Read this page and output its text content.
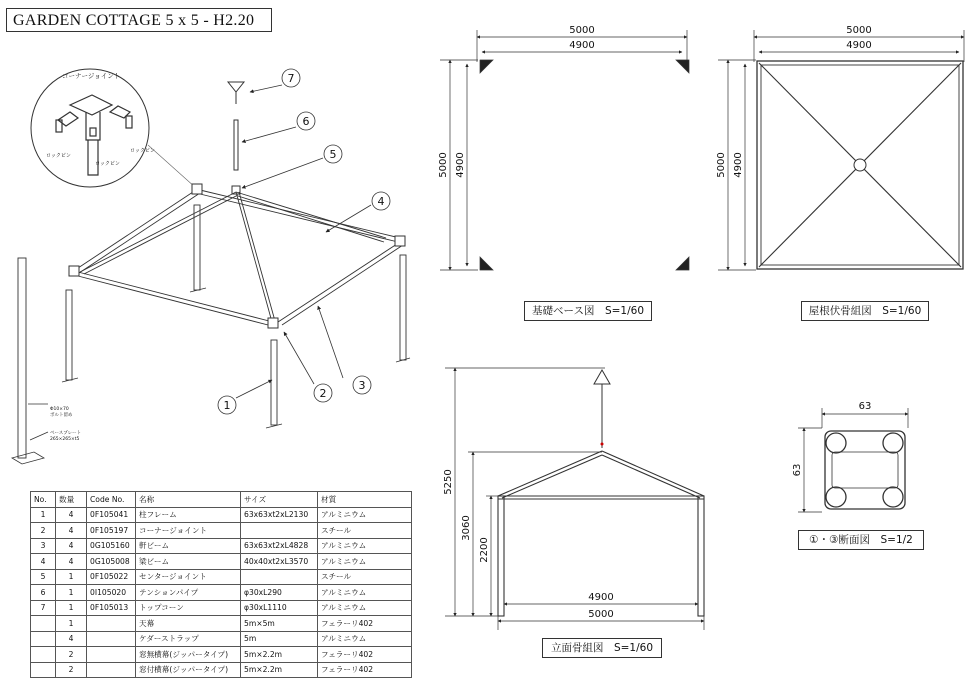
GARDEN COTTAGE 5 x 5 - H2.20
7
6
5
4
3
2
1
コーナージョイント
ロックピン
ロックピン
ロックピン
Φ10×70
ボルト留め
ベースプレート
265×265×t5
5000
4900
5000 4900
5000
4900
5000 4900
5250
3060
2200
4900
5000
63
63
基礎ベース図　S=1/60	屋根伏骨組図　S=1/60
立面骨組図　S=1/60
①・③断面図　S=1/2
No.	数量	Code No.	名称	サイズ	材質
1	4	0F105041	柱フレーム	63x63xt2xL2130	アルミニウム
2	4	0F105197	コーナージョイント		スチール
3	4	0G105160	軒ビーム	63x63xt2xL4828	アルミニウム
4	4	0G105008	梁ビーム	40x40xt2xL3570	アルミニウム
5	1	0F105022	センタージョイント		スチール
6	1	0I105020	テンションパイプ	φ30xL290	アルミニウム
7	1	0F105013	トップコーン	φ30xL1110	アルミニウム
	1		天幕	5m×5m	フェラーリ402
	4		ケダーストラップ	5m	アルミニウム
	2		窓無横幕(ジッパータイプ)	5m×2.2m	フェラーリ402
	2		窓付横幕(ジッパータイプ)	5m×2.2m	フェラーリ402
